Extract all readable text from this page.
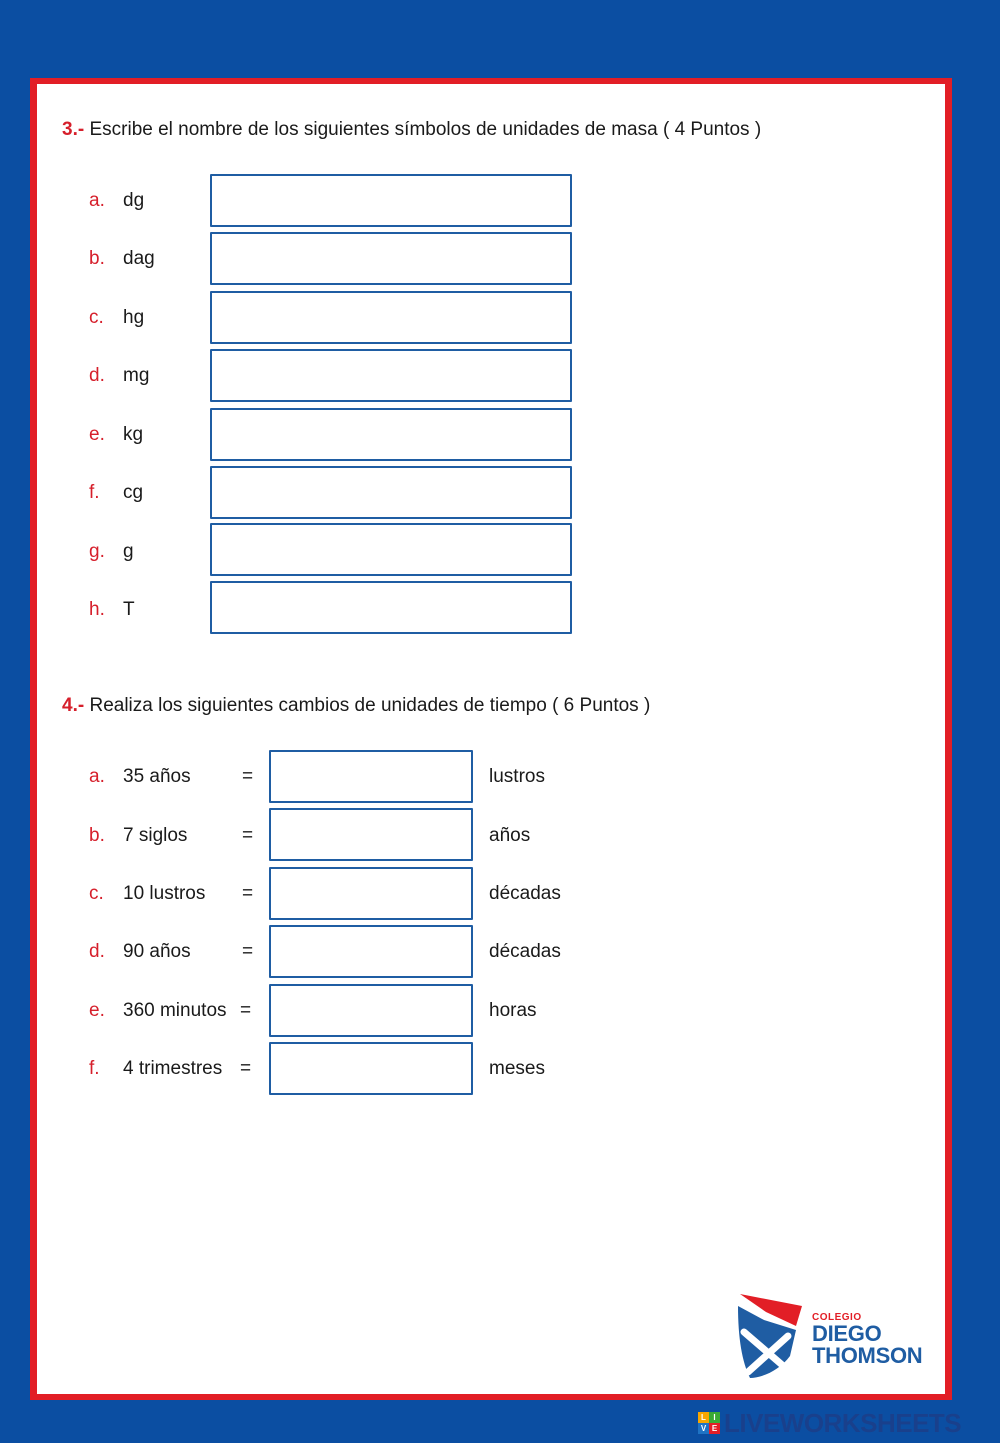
3.- Escribe el nombre de los siguientes símbolos de unidades de masa ( 4 Puntos )
a. dg
b. dag
c. hg
d. mg
e. kg
f. cg
g. g
h. T
4.- Realiza los siguientes cambios de unidades de tiempo ( 6 Puntos )
a. 35 años	=	lustros
b. 7 siglos	=	años
c. 10 lustros =	décadas
d. 90 años	=	décadas
e. 360 minutos =	horas
f. 4 trimestres =	meses
COLEGIO
DIEGO
THOMSON
L I
V E LIVEWORKSHEETS
